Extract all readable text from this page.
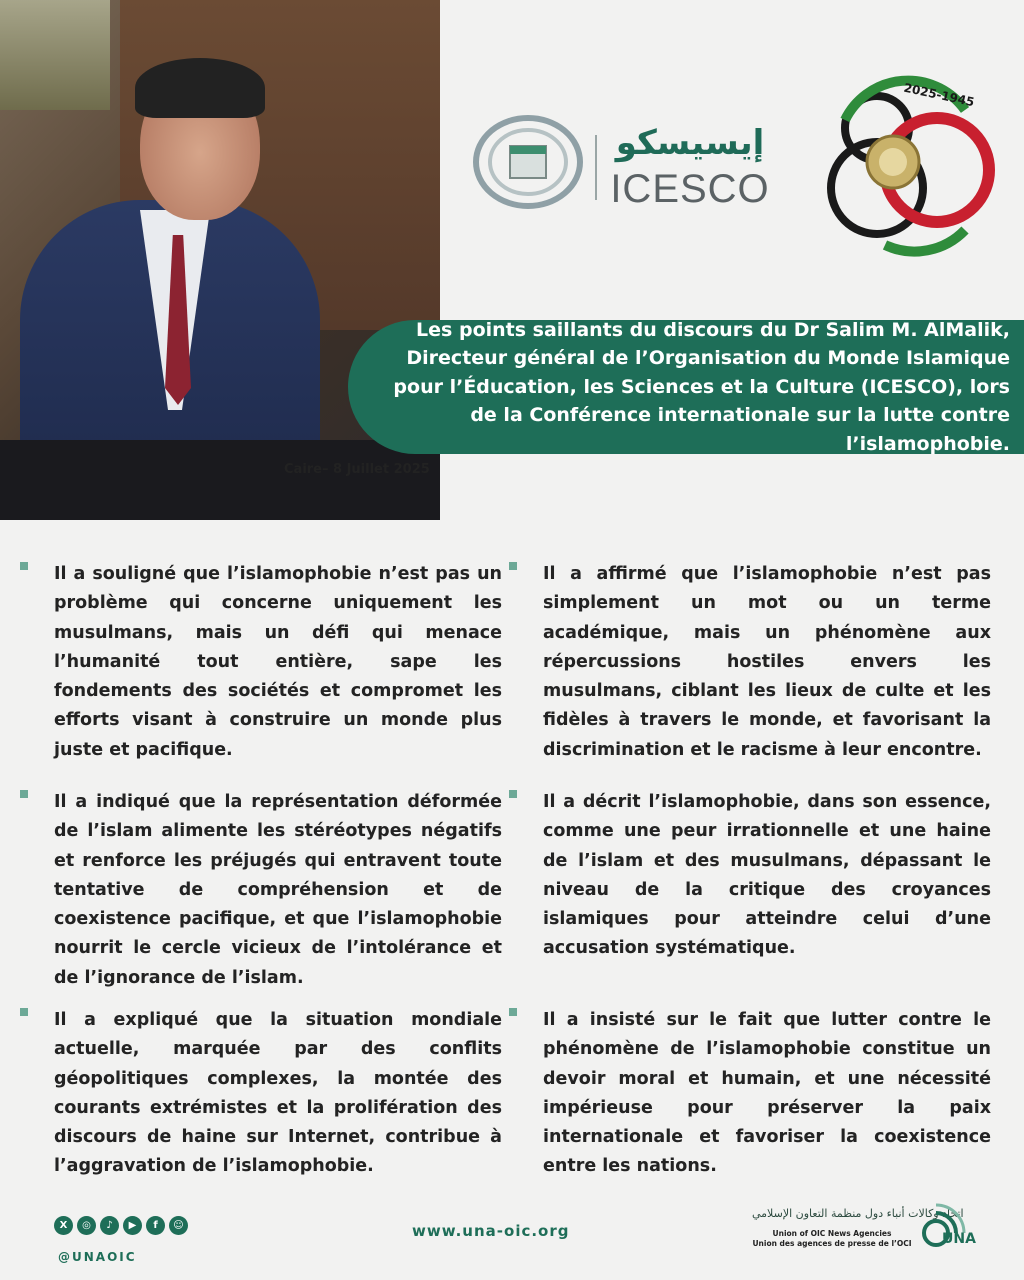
إيسيسكو
ICESCO
2025-1945
80
Les points saillants du discours du Dr Salim M. AlMalik, Directeur général de l’Organisation du Monde Islamique pour l’Éducation, les Sciences et la Culture (ICESCO), lors de la Conférence internationale sur la lutte contre l’islamophobie.
Caire– 8 Juillet 2025

Il a souligné que l’islamophobie n’est pas un problème qui concerne uniquement les musulmans, mais un défi qui menace l’humanité tout entière, sape les fondements des sociétés et compromet les efforts visant à construire un monde plus juste et pacifique.

Il a affirmé que l’islamophobie n’est pas simplement un mot ou un terme académique, mais un phénomène aux répercussions hostiles envers les musulmans, ciblant les lieux de culte et les fidèles à travers le monde, et favorisant la discrimination et le racisme à leur encontre.

Il a indiqué que la représentation déformée de l’islam alimente les stéréotypes négatifs et renforce les préjugés qui entravent toute tentative de compréhension et de coexistence pacifique, et que l’islamophobie nourrit le cercle vicieux de l’intolérance et de l’ignorance de l’islam.

Il a décrit l’islamophobie, dans son essence, comme une peur irrationnelle et une haine de l’islam et des musulmans, dépassant le niveau de la critique des croyances islamiques pour atteindre celui d’une accusation systématique.

Il a expliqué que la situation mondiale actuelle, marquée par des conflits géopolitiques complexes, la montée des courants extrémistes et la prolifération des discours de haine sur Internet, contribue à l’aggravation de l’islamophobie.

Il a insisté sur le fait que lutter contre le phénomène de l’islamophobie constitue un devoir moral et humain, et une nécessité impérieuse pour préserver la paix internationale et favoriser la coexistence entre les nations.

X	◎	♪	▶	f	☺
@UNAOIC
www.una-oic.org
اتحاد وكالات أنباء دول منظمة التعاون الإسلامي
Union of OIC News Agencies
Union des agences de presse de l’OCI UNA
